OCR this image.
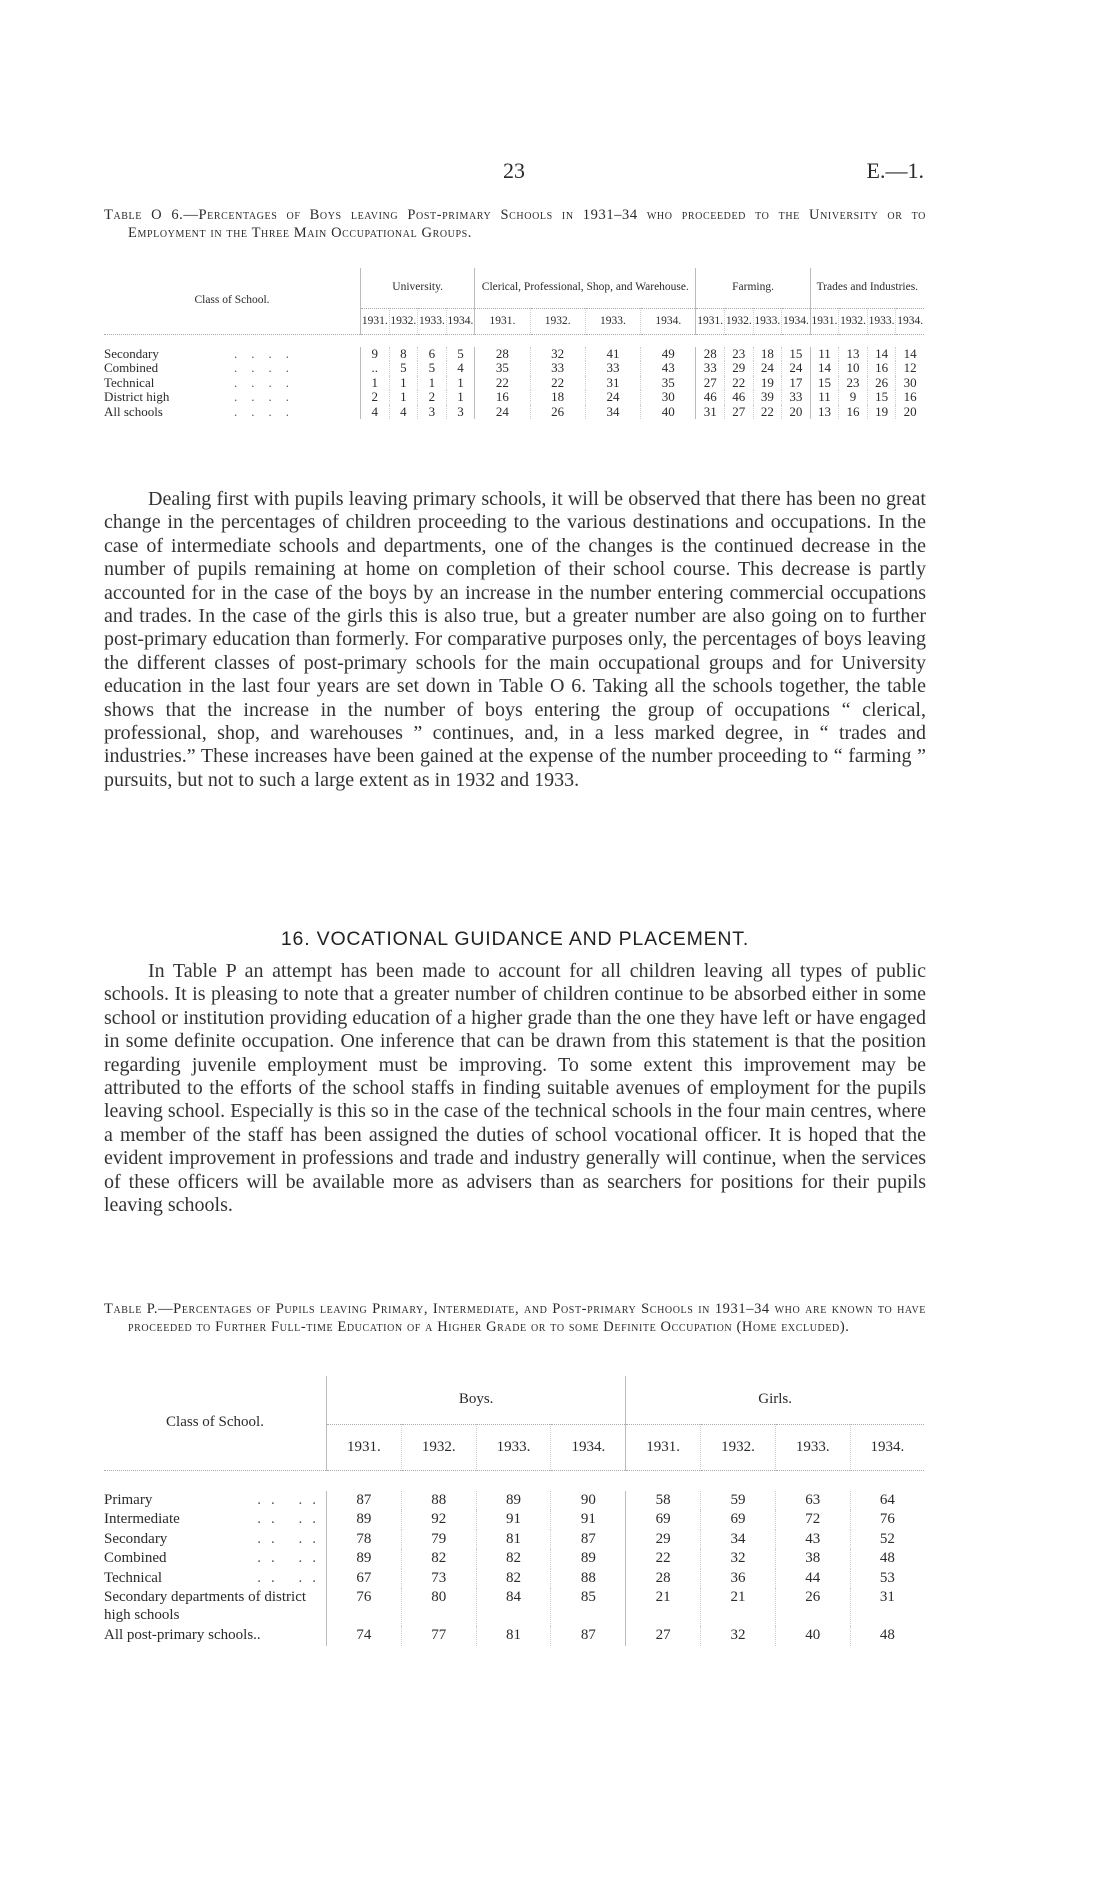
23	E.—1.
Table O 6.—Percentages of Boys leaving Post-primary Schools in 1931–34 who proceeded to the University or to Employment in the Three Main Occupational Groups.
Class of School.	University.				Clerical, Professional, Shop, and Warehouse.				Farming.				Trades and Industries.			
	1931.	1932.	1933.	1934.	1931.	1932.	1933.	1934.	1931.	1932.	1933.	1934.	1931.	1932.	1933.	1934.

Secondary ....	9	8	6	5	28	32	41	49	28	23	18	15	11	13	14	14
Combined ....	..	5	5	4	35	33	33	43	33	29	24	24	14	10	16	12
Technical ....	1	1	1	1	22	22	31	35	27	22	19	17	15	23	26	30
District high ....	2	1	2	1	16	18	24	30	46	46	39	33	11	9	15	16
All schools ....	4	4	3	3	24	26	34	40	31	27	22	20	13	16	19	20
Dealing first with pupils leaving primary schools, it will be observed that there has been no great change in the percentages of children proceeding to the various destinations and occupations. In the case of intermediate schools and departments, one of the changes is the continued decrease in the number of pupils remaining at home on completion of their school course. This decrease is partly accounted for in the case of the boys by an increase in the number entering commercial occupations and trades. In the case of the girls this is also true, but a greater number are also going on to further post-primary education than formerly. For comparative purposes only, the percentages of boys leaving the different classes of post-primary schools for the main occupational groups and for University education in the last four years are set down in Table O 6. Taking all the schools together, the table shows that the increase in the number of boys entering the group of occupations “ clerical, professional, shop, and warehouses ” continues, and, in a less marked degree, in “ trades and industries.” These increases have been gained at the expense of the number proceeding to “ farming ” pursuits, but not to such a large extent as in 1932 and 1933.
16. VOCATIONAL GUIDANCE AND PLACEMENT.
In Table P an attempt has been made to account for all children leaving all types of public schools. It is pleasing to note that a greater number of children continue to be absorbed either in some school or institution providing education of a higher grade than the one they have left or have engaged in some definite occupation. One inference that can be drawn from this statement is that the position regarding juvenile employment must be improving. To some extent this improvement may be attributed to the efforts of the school staffs in finding suitable avenues of employment for the pupils leaving school. Especially is this so in the case of the technical schools in the four main centres, where a member of the staff has been assigned the duties of school vocational officer. It is hoped that the evident improvement in professions and trade and industry generally will continue, when the services of these officers will be available more as advisers than as searchers for positions for their pupils leaving schools.
Table P.—Percentages of Pupils leaving Primary, Intermediate, and Post-primary Schools in 1931–34 who are known to have proceeded to Further Full-time Education of a Higher Grade or to some Definite Occupation (Home excluded).
Class of School.	Boys.				Girls.			
	1931.	1932.	1933.	1934.	1931.	1932.	1933.	1934.

Primary .. ..	87	88	89	90	58	59	63	64
Intermediate .. ..	89	92	91	91	69	69	72	76
Secondary .. ..	78	79	81	87	29	34	43	52
Combined .. ..	89	82	82	89	22	32	38	48
Technical .. ..	67	73	82	88	28	36	44	53
Secondary departments of district high schools	76	80	84	85	21	21	26	31
All post-primary schools..	74	77	81	87	27	32	40	48
